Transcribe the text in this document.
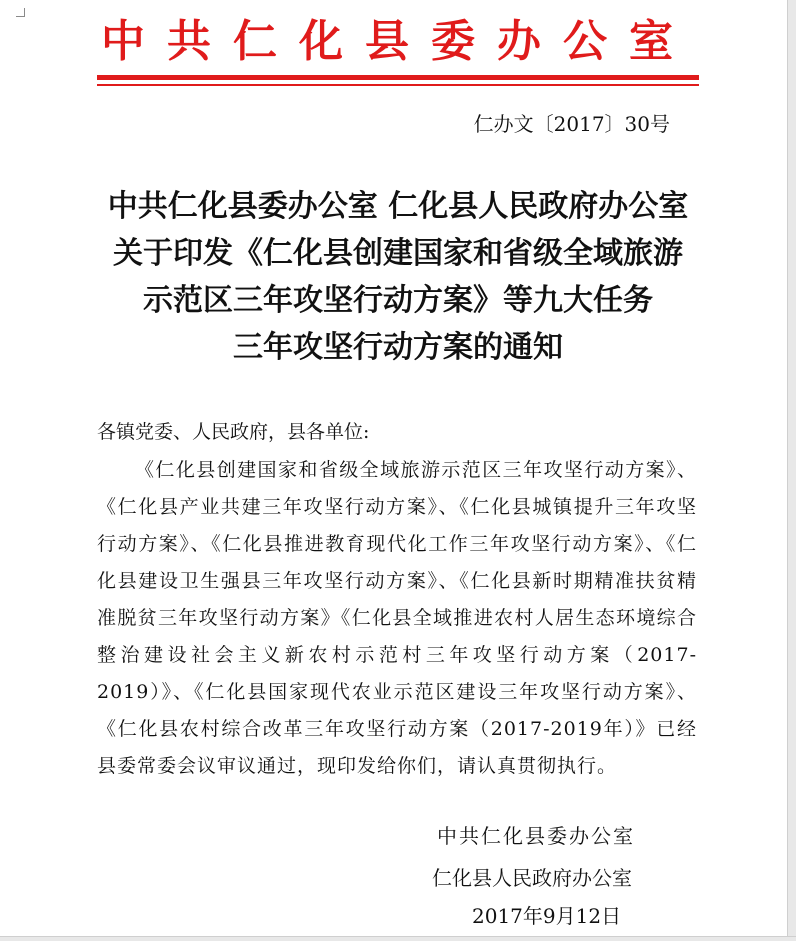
中共仁化县委办公室
仁办文〔2017〕30号
中共仁化县委办公室 仁化县人民政府办公室
关于印发《仁化县创建国家和省级全域旅游
示范区三年攻坚行动方案》等九大任务
三年攻坚行动方案的通知
各镇党委、人民政府，县各单位:

《仁化县创建国家和省级全域旅游示范区三年攻坚行动方案》、《仁化县产业共建三年攻坚行动方案》、《仁化县城镇提升三年攻坚行动方案》、《仁化县推进教育现代化工作三年攻坚行动方案》、《仁化县建设卫生强县三年攻坚行动方案》、《仁化县新时期精准扶贫精准脱贫三年攻坚行动方案》《仁化县全域推进农村人居生态环境综合整治建设社会主义新农村示范村三年攻坚行动方案（2017-2019）》、《仁化县国家现代农业示范区建设三年攻坚行动方案》、《仁化县农村综合改革三年攻坚行动方案（2017-2019年）》已经县委常委会议审议通过，现印发给你们，请认真贯彻执行。

中共仁化县委办公室
仁化县人民政府办公室
2017年9月12日
